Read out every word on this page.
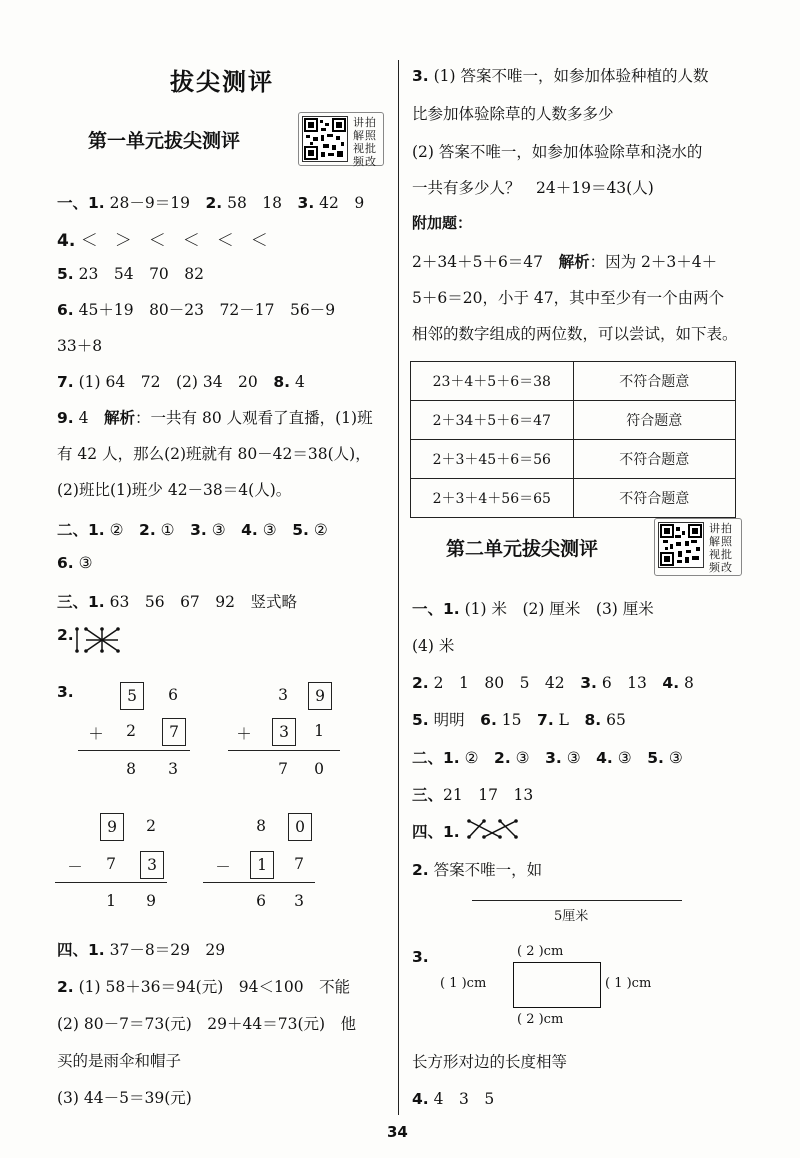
拔尖测评
第一单元拔尖测评
讲拍解照视批频改
一、1. 28－9＝19　 2. 58　18　 3. 42　9
4. ＜　＞　＜　＜　＜　＜
5. 23　54　70　82
6. 45＋19　80－23　72－17　56－9
33＋8
7. (1) 64　72　(2) 34　20　 8. 4
9. 4　 解析：一共有 80 人观看了直播，(1)班
有 42 人，那么(2)班就有 80－42＝38(人)，
(2)班比(1)班少 42－38＝4(人)。
二、1. ②　 2. ①　 3. ③　 4. ③　 5. ②
6. ③
三、1. 63　56　67　92　竖式略
2.
3.	5	6
＋	2	7
8	3
3	9
＋	3	1
7	0
9	2
－	7	3
1	9
8	0
－	1	7
6	3
四、1. 37－8＝29　29
2. (1) 58＋36＝94(元)　94＜100　不能
(2) 80－7＝73(元)　29＋44＝73(元)　他
买的是雨伞和帽子
(3) 44－5＝39(元)
3. (1) 答案不唯一，如参加体验种植的人数
比参加体验除草的人数多多少
(2) 答案不唯一，如参加体验除草和浇水的
一共有多少人？　24＋19＝43(人)
附加题：
2＋34＋5＋6＝47　 解析：因为 2＋3＋4＋
5＋6＝20，小于 47，其中至少有一个由两个
相邻的数字组成的两位数，可以尝试，如下表。
23＋4＋5＋6＝38	不符合题意
2＋34＋5＋6＝47	符合题意
2＋3＋45＋6＝56	不符合题意
2＋3＋4＋56＝65	不符合题意
第二单元拔尖测评
讲拍解照视批频改
一、1. (1) 米　(2) 厘米　(3) 厘米
(4) 米
2. 2　1　80　5　42　 3. 6　13　 4. 8
5. 明明　 6. 15　 7. L　 8. 65
二、1. ②　 2. ③　 3. ③　 4. ③　 5. ③
三、21　17　13
四、1.
2. 答案不唯一，如
5厘米
3.	( 2 )cm
( 1 )cm	( 1 )cm
( 2 )cm
长方形对边的长度相等
4. 4　3　5
34
